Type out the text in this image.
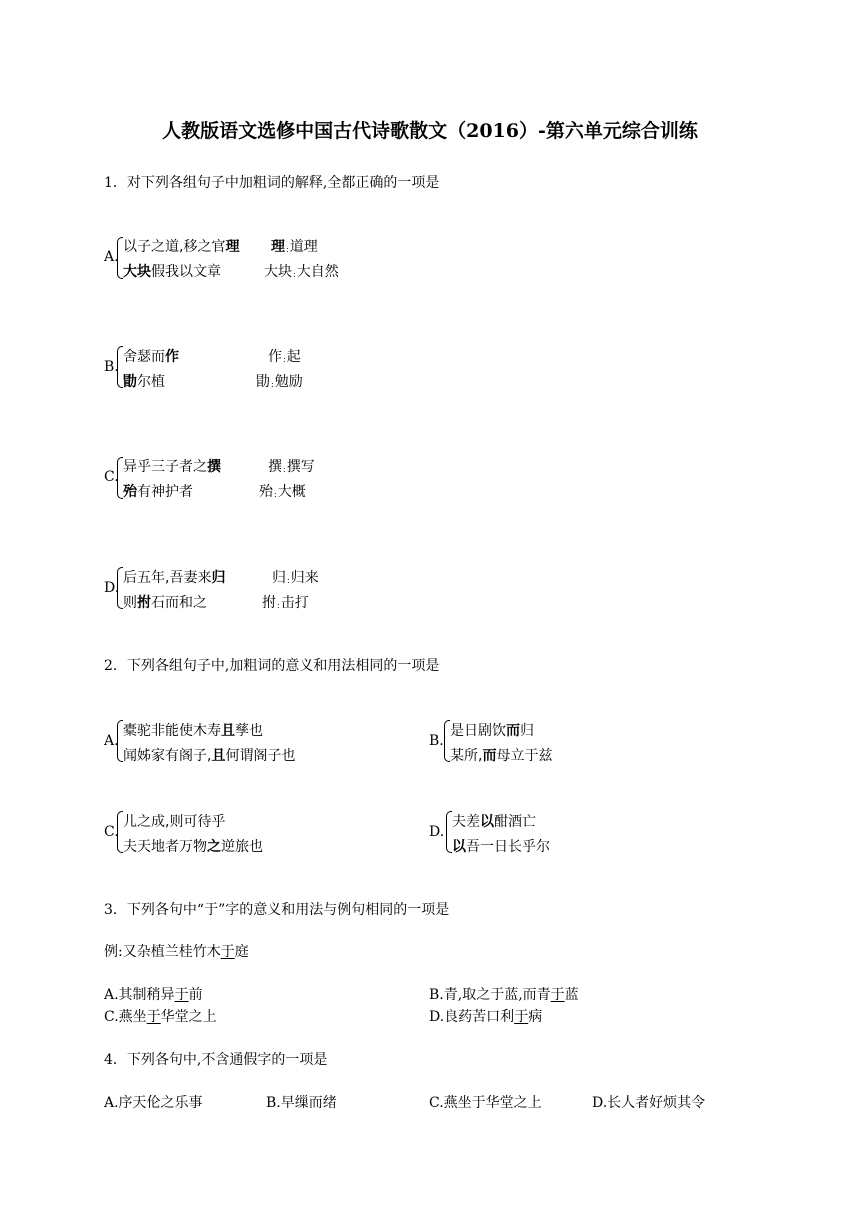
人教版语文选修中国古代诗歌散文（2016）-第六单元综合训练
1．对下列各组句子中加粗词的解释,全都正确的一项是
A.
以子之道,移之官理 理:道理
大块假我以文章	大块:大自然
B.
舍瑟而作	作:起
勖尔植	勖:勉励
C.
异乎三子者之撰	撰:撰写
殆有神护者	殆:大概
D.
后五年,吾妻来归	归:归来
则拊石而和之	拊:击打
2．下列各组句子中,加粗词的意义和用法相同的一项是
A.
橐驼非能使木寿且孳也
闻姊家有阁子,且何谓阁子也
B.
是日剧饮而归
某所,而母立于兹
C.
儿之成,则可待乎
夫天地者万物之逆旅也
D.
夫差以酣酒亡
以吾一日长乎尔
3．下列各句中“于”字的意义和用法与例句相同的一项是
例:又杂植兰桂竹木于庭
A.其制稍异于前	B.青,取之于蓝,而青于蓝
C.燕坐于华堂之上	D.良药苦口利于病
4．下列各句中,不含通假字的一项是
A.序天伦之乐事	B.早缫而绪	C.燕坐于华堂之上	D.长人者好烦其令
